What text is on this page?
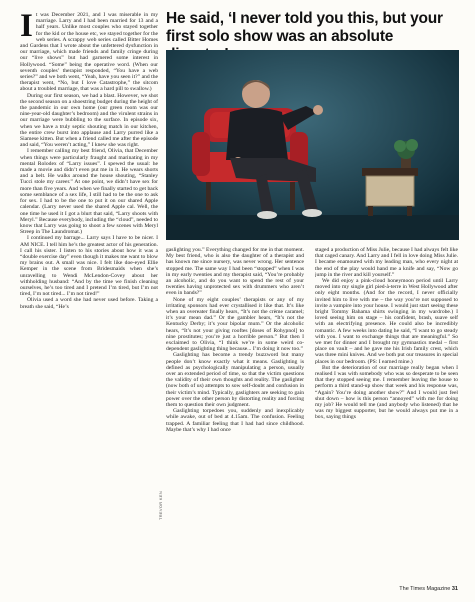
It was December 2021, and I was miserable in my marriage. Larry and I had been married for 13 and a half years. Unlike most couples who stayed together for the kid or the house etc, we stayed together for the web series. A scrappy web series called Bitter Homes and Gardens that I wrote about the unfettered dysfunction in our marriage, which made friends and family cringe during our “live shows” but had garnered some interest in Hollywood. “Some” being the operative word. (When our seventh couples’ therapist responded, “You have a web series?” and we both went, “Yeah, have you seen it?” and the therapist went, “No, but I love Catastrophe,” the sitcom about a troubled marriage, that was a hard pill to swallow.)

During our first season, we had a blast. However, we shot the second season on a shoestring budget during the height of the pandemic in our own home (our green room was our nine-year-old daughter’s bedroom) and the virulent strains in our marriage were bubbling to the surface. In episode six, when we have a truly septic shouting match in our kitchen, the entire crew burst into applause and Larry purred like a Siamese kitten. But when a friend called me after the episode and said, “You weren’t acting,” I knew she was right.

I remember calling my best friend, Olivia, that December when things were particularly fraught and marinating in my mental Rolodex of “Larry issues”. I spewed the usual: he made a movie and didn’t even put me in it. He wears shorts and a belt. He walks around the house shouting, “Stanley Tucci stole my career.” At one point, we didn’t have sex for more than five years. And when we finally started to get back some semblance of a sex life, I still had to be the one to ask for sex. I had to be the one to put it on our shared Apple calendar. (Larry never used the shared Apple cal. Well, the one time he used it I got a blurt that said, “Larry shoots with Meryl.” Because everybody, including the “cloud”, needed to know that Larry was going to shoot a few scenes with Meryl Streep in The Laundromat.)

I continued my barrage... Larry says I have to be nicer. I AM NICE. I tell him he’s the greatest actor of his generation. I call his sister. I listen to his stories about how it was a “double exercise day” even though it makes me want to blow my brains out. A small was nice. I felt like doe-eyed Ellie Kemper in the scene from Bridesmaids when she’s unravelling to Wendi McLendon-Covey about her withholding husband: “And by the time we finish cleaning ourselves, he’s too tired and I pretend I’m tired, but I’m not tired, I’m not tired... I’m not tired!”

Olivia used a word she had never used before. Taking a breath she said, “He’s

He said, ‘I never told you this, but your first solo show was an absolute
TREVOR KEN

gaslighting you.” Everything changed for me in that moment. My best friend, who is also the daughter of a therapist and has known me since nursery, was never wrong. Her sentence stopped me. The same way I had been “stopped” when I was in my early twenties and my therapist said, “You’re probably an alcoholic, and do you want to spend the rest of your twenties having unprotected sex with drummers who aren’t even in bands?”

None of my eight couples’ therapists or any of my irritating sponsors had ever crystallised it like that. It’s like when an overeater finally hears, “It’s not the crème caramel; it’s your mean dad.” Or the gambler hears, “It’s not the Kentucky Derby; it’s your bipolar mum.” Or the alcoholic hears, “It’s not your giving rooftes [doses of Rohypnol] to nine prostitutes; you’re just a horrible person.” But then I exclaimed to Olivia, “I think we’re in some weird co-dependent gaslighting thing because... I’m doing it now too.”

Gaslighting has become a trendy buzzword but many people don’t know exactly what it means. Gaslighting is defined as psychologically manipulating a person, usually over an extended period of time, so that the victim questions the validity of their own thoughts and reality. The gaslighter (now both of us) attempts to sow self-doubt and confusion in their victim’s mind. Typically, gaslighters are seeking to gain power over the other person by distorting reality and forcing them to question their own judgment.

Gaslighting torpedoes you, suddenly and inexplicably while awake, out of bed at 4.15am. The confusion. Feeling trapped. A familiar feeling that I had had since childhood. Maybe that’s why I had once

staged a production of Miss Julie, because I had always felt like that caged canary. And Larry and I fell in love doing Miss Julie. I became enamoured with my leading man, who every night at the end of the play would hand me a knife and say, “Now go jump in the river and kill yourself.”

We did enjoy a pink-cloud honeymoon period until Larry moved into my single girl pied-à-terre in West Hollywood after only eight months. (And for the record, I never officially invited him to live with me – the way you’re not supposed to invite a vampire into your house. I would just start seeing these bright Tommy Bahama shirts swinging in my wardrobe.) I loved seeing him on stage – his confident, brash, suave self with an electrifying presence. He could also be incredibly romantic. A few weeks into dating he said, “I want to go steady with you. I want to exchange things that are meaningful.” So we met for dinner and I brought my gymnastics medal – first place on vault – and he gave me his Irish family crest, which was three mini knives. And we both put our treasures in special places in our bedroom. (PS: I earned mine.)

But the deterioration of our marriage really began when I realised I was with somebody who was so desperate to be seen that they stopped seeing me. I remember leaving the house to perform a third stand-up show that week and his response was, “Again? You’re doing another show?” And I would just feel shut down – how is this person “annoyed” with me for doing my job? He would tell me (and anybody who listened) that he was my biggest supporter, but he would always put me in a box, saying things

The Times Magazine 31
